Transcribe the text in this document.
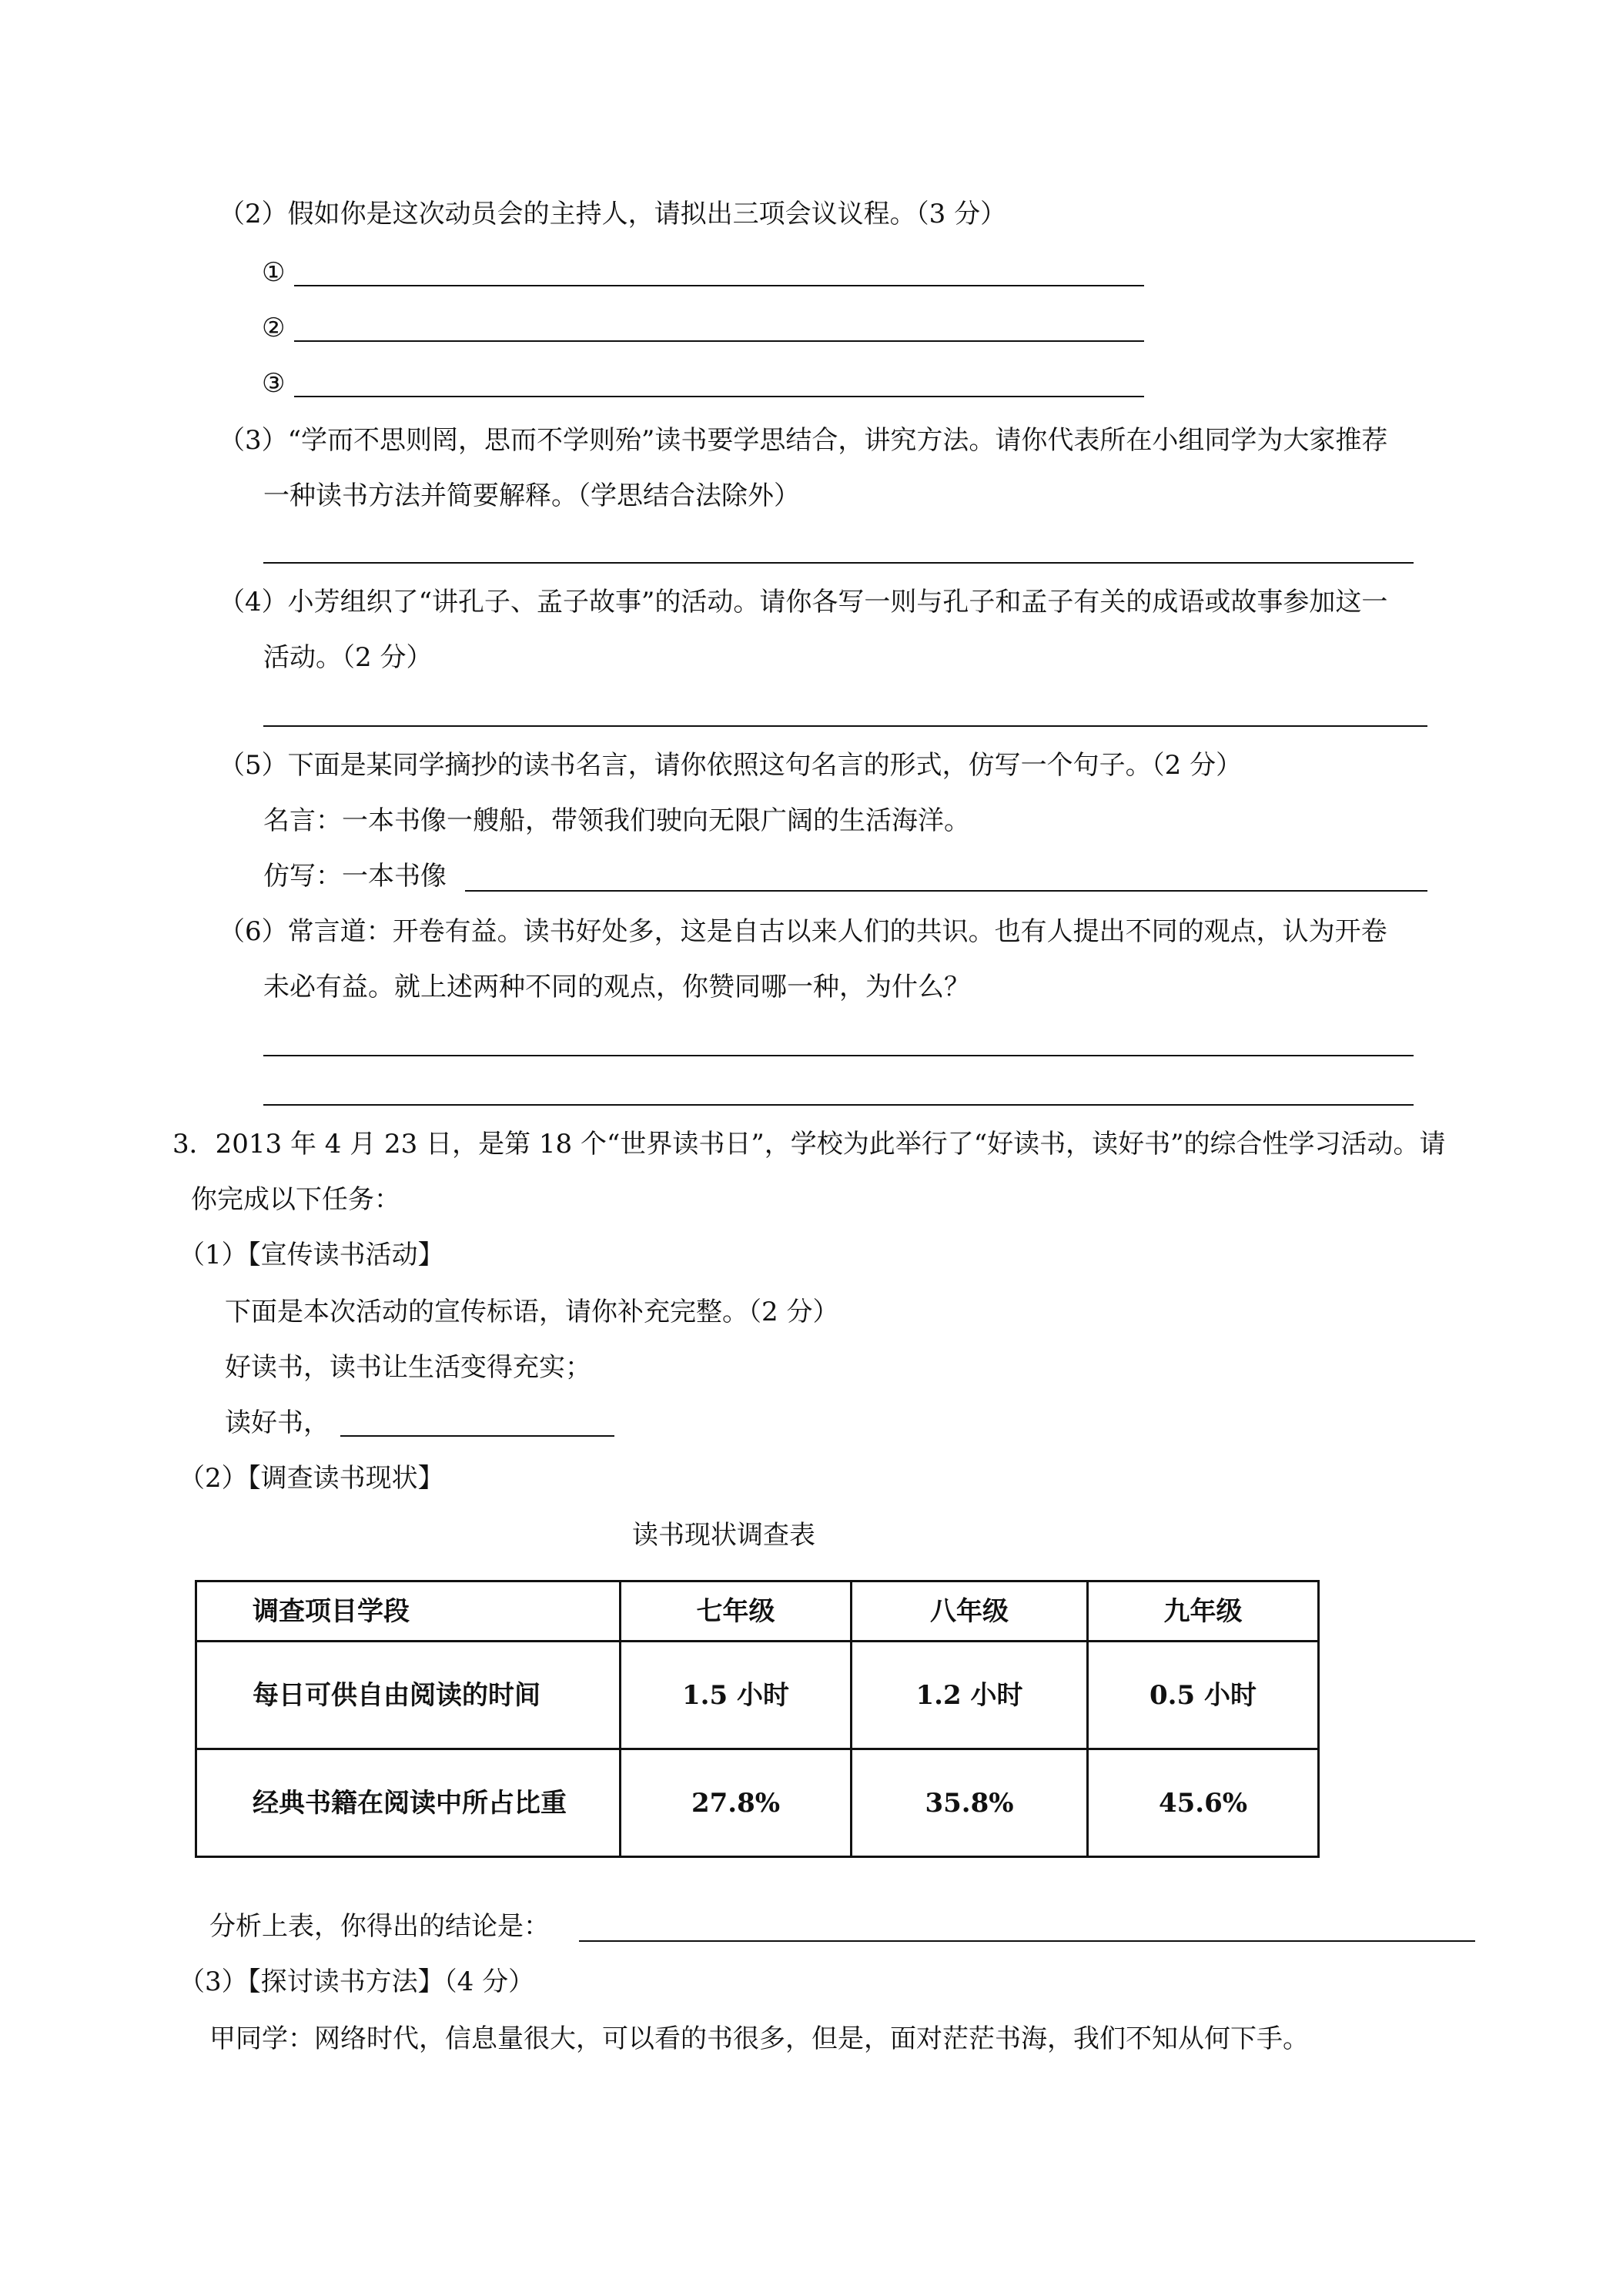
（2）假如你是这次动员会的主持人，请拟出三项会议议程。（3 分）
①
②
③
（3）“学而不思则罔，思而不学则殆”读书要学思结合，讲究方法。请你代表所在小组同学为大家推荐
一种读书方法并简要解释。（学思结合法除外）
（4）小芳组织了“讲孔子、孟子故事”的活动。请你各写一则与孔子和孟子有关的成语或故事参加这一
活动。（2 分）
（5）下面是某同学摘抄的读书名言，请你依照这句名言的形式，仿写一个句子。（2 分）
名言：一本书像一艘船，带领我们驶向无限广阔的生活海洋。
仿写：一本书像
（6）常言道：开卷有益。读书好处多，这是自古以来人们的共识。也有人提出不同的观点，认为开卷
未必有益。就上述两种不同的观点，你赞同哪一种，为什么？
3．2013 年 4 月 23 日，是第 18 个“世界读书日”，学校为此举行了“好读书，读好书”的综合性学习活动。请
你完成以下任务：
（1）【宣传读书活动】
下面是本次活动的宣传标语，请你补充完整。（2 分）
好读书，读书让生活变得充实；
读好书，
（2）【调查读书现状】
读书现状调查表
调查项目学段	七年级	八年级	九年级
每日可供自由阅读的时间	1.5 小时	1.2 小时	0.5 小时
经典书籍在阅读中所占比重	27.8%	35.8%	45.6%
分析上表，你得出的结论是：
（3）【探讨读书方法】（4 分）
甲同学：网络时代，信息量很大，可以看的书很多，但是，面对茫茫书海，我们不知从何下手。
